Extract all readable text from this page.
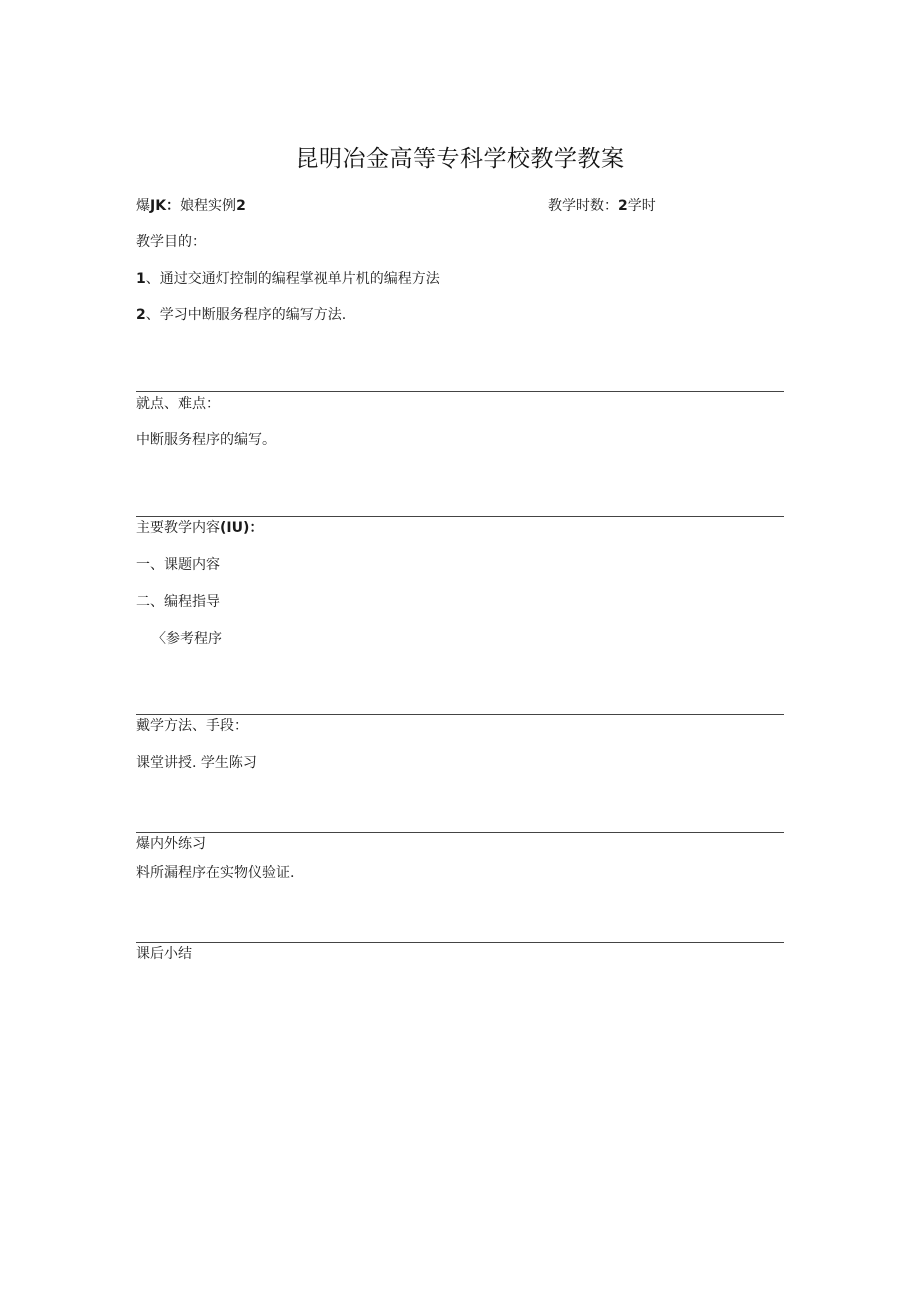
昆明冶金高等专科学校教学教案
爆JK：娘程实例2	教学时数：2学时
教学目的：
1、通过交通灯控制的编程掌视单片机的编程方法
2、学习中断服务程序的编写方法.
就点、难点：
中断服务程序的编写。
主要教学内容(IU)：
一、课题内容
二、编程指导
〈参考程序
戴学方法、手段：
课堂讲授. 学生陈习
爆内外练习
料所漏程序在实物仪验证.
课后小结
